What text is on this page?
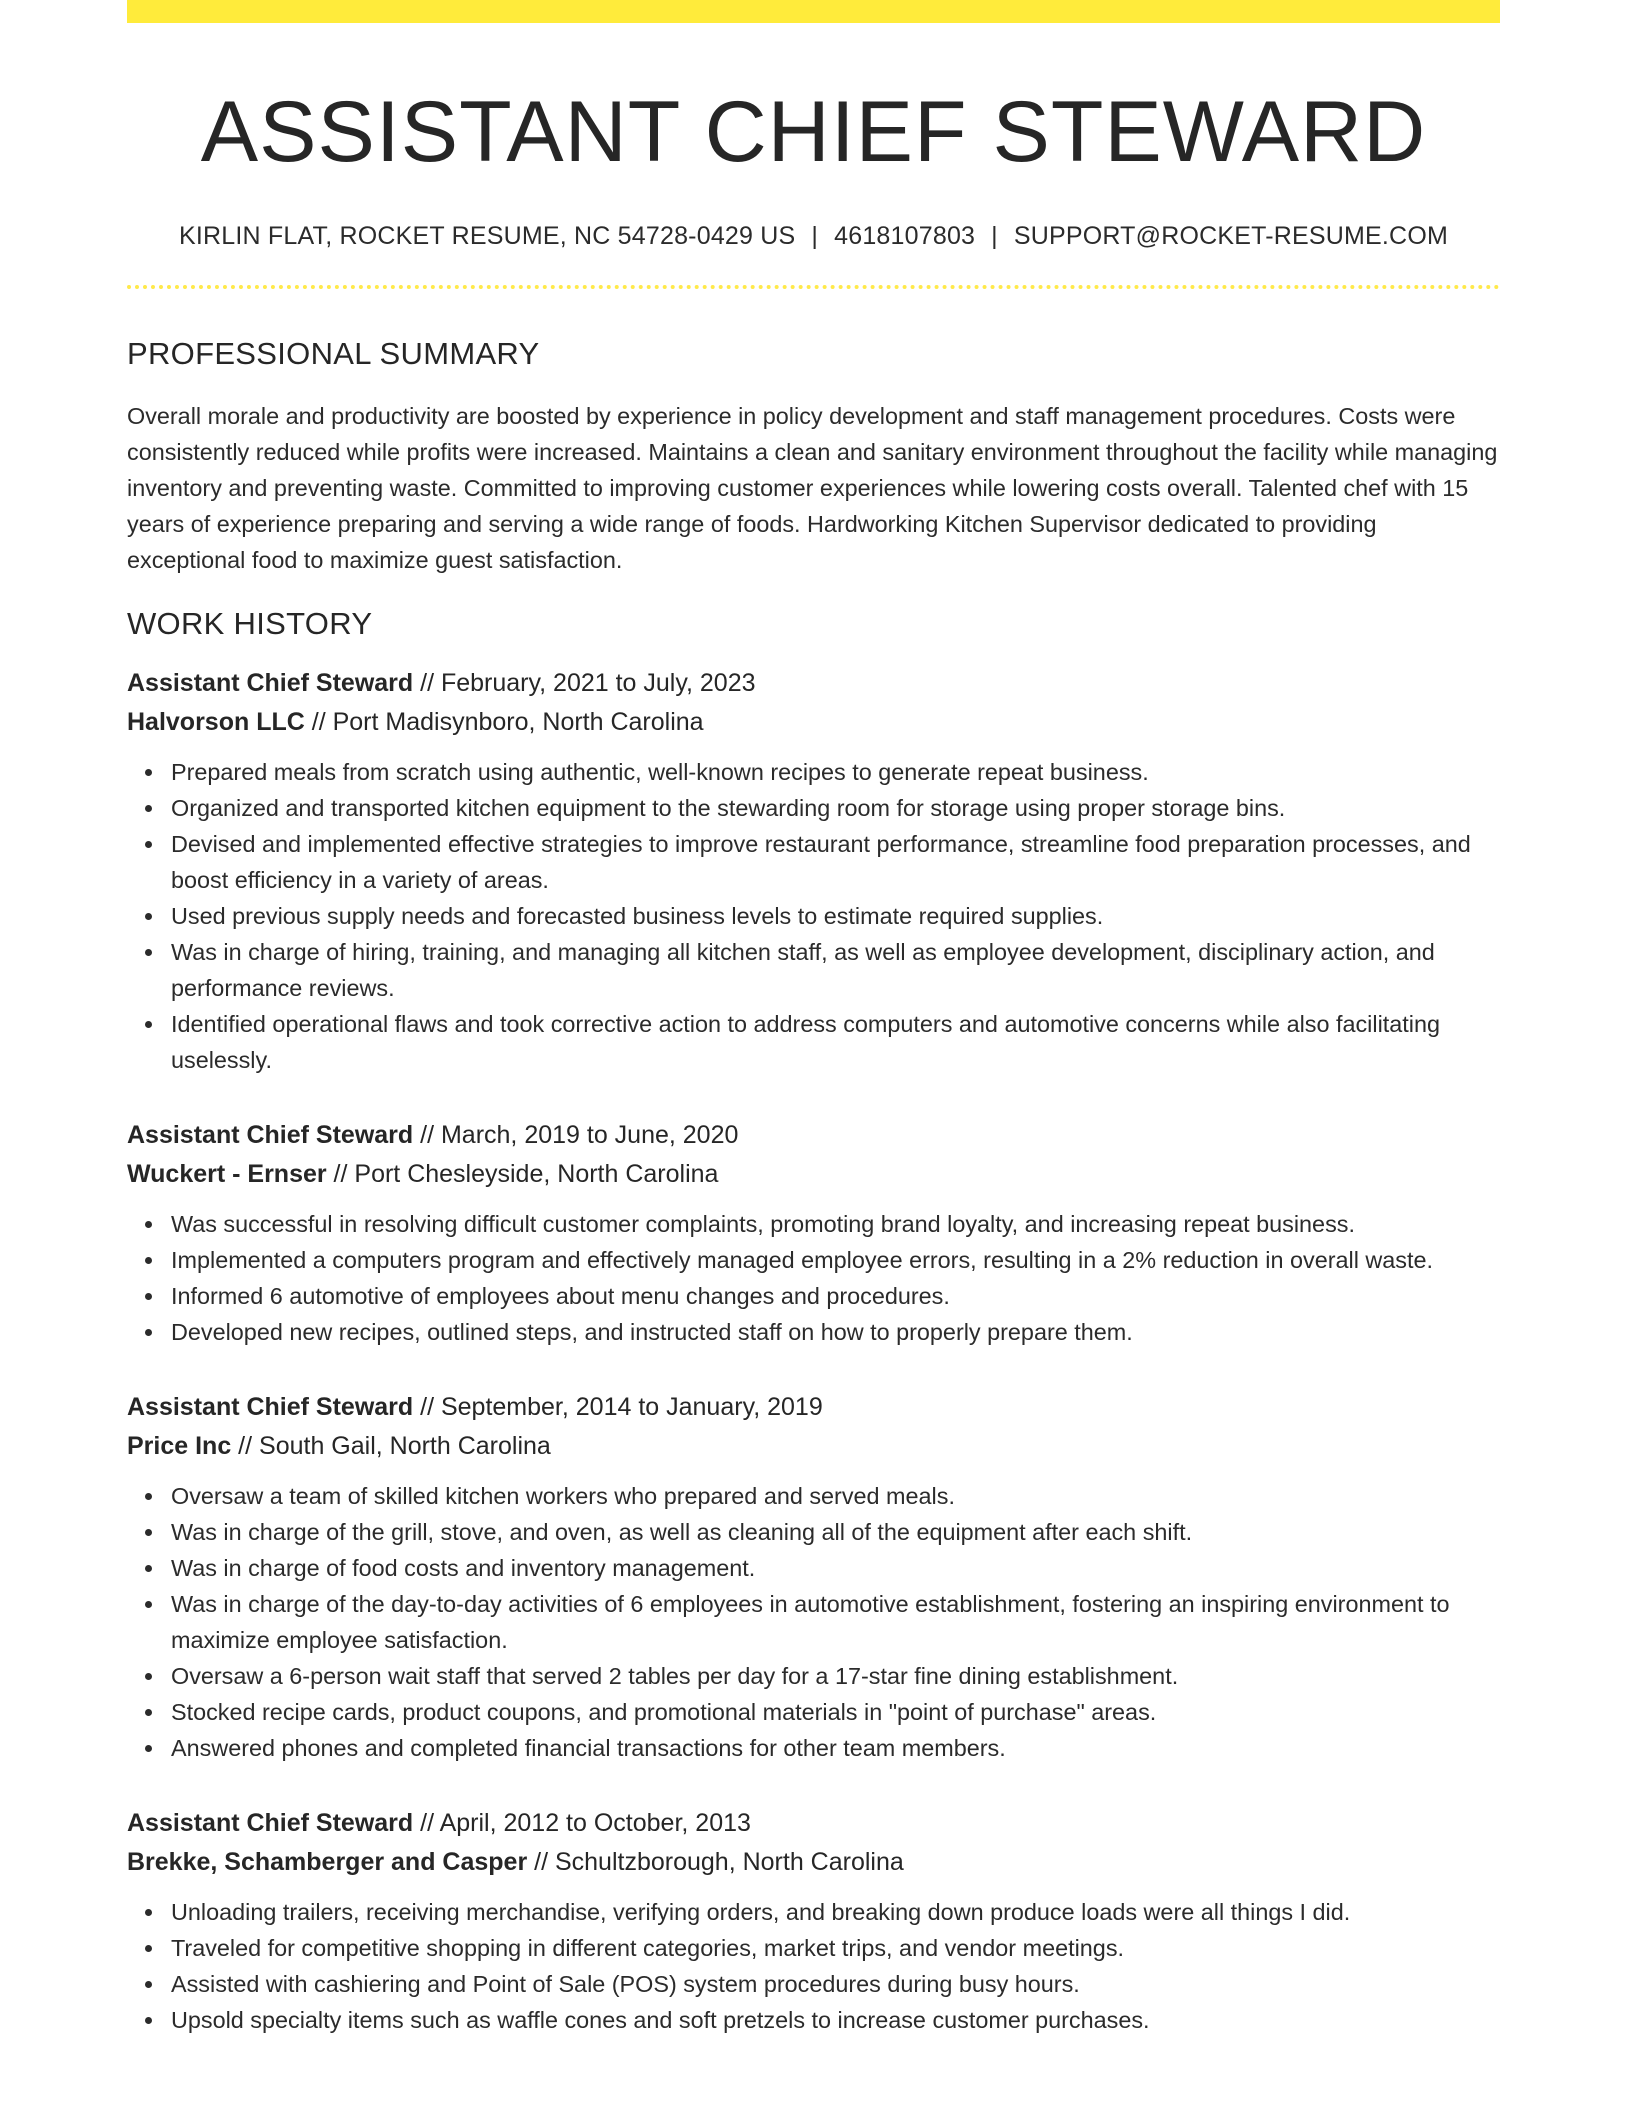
ASSISTANT CHIEF STEWARD
KIRLIN FLAT, ROCKET RESUME, NC 54728-0429 US | 4618107803 | SUPPORT@ROCKET-RESUME.COM
PROFESSIONAL SUMMARY

Overall morale and productivity are boosted by experience in policy development and staff management procedures. Costs were consistently reduced while profits were increased. Maintains a clean and sanitary environment throughout the facility while managing inventory and preventing waste. Committed to improving customer experiences while lowering costs overall. Talented chef with 15 years of experience preparing and serving a wide range of foods. Hardworking Kitchen Supervisor dedicated to providing exceptional food to maximize guest satisfaction.

WORK HISTORY
Assistant Chief Steward // February, 2021 to July, 2023
Halvorson LLC // Port Madisynboro, North Carolina
Prepared meals from scratch using authentic, well-known recipes to generate repeat business.
Organized and transported kitchen equipment to the stewarding room for storage using proper storage bins.
Devised and implemented effective strategies to improve restaurant performance, streamline food preparation processes, and boost efficiency in a variety of areas.
Used previous supply needs and forecasted business levels to estimate required supplies.
Was in charge of hiring, training, and managing all kitchen staff, as well as employee development, disciplinary action, and performance reviews.
Identified operational flaws and took corrective action to address computers and automotive concerns while also facilitating uselessly.
Assistant Chief Steward // March, 2019 to June, 2020
Wuckert - Ernser // Port Chesleyside, North Carolina
Was successful in resolving difficult customer complaints, promoting brand loyalty, and increasing repeat business.
Implemented a computers program and effectively managed employee errors, resulting in a 2% reduction in overall waste.
Informed 6 automotive of employees about menu changes and procedures.
Developed new recipes, outlined steps, and instructed staff on how to properly prepare them.
Assistant Chief Steward // September, 2014 to January, 2019
Price Inc // South Gail, North Carolina
Oversaw a team of skilled kitchen workers who prepared and served meals.
Was in charge of the grill, stove, and oven, as well as cleaning all of the equipment after each shift.
Was in charge of food costs and inventory management.
Was in charge of the day-to-day activities of 6 employees in automotive establishment, fostering an inspiring environment to maximize employee satisfaction.
Oversaw a 6-person wait staff that served 2 tables per day for a 17-star fine dining establishment.
Stocked recipe cards, product coupons, and promotional materials in "point of purchase" areas.
Answered phones and completed financial transactions for other team members.
Assistant Chief Steward // April, 2012 to October, 2013
Brekke, Schamberger and Casper // Schultzborough, North Carolina
Unloading trailers, receiving merchandise, verifying orders, and breaking down produce loads were all things I did.
Traveled for competitive shopping in different categories, market trips, and vendor meetings.
Assisted with cashiering and Point of Sale (POS) system procedures during busy hours.
Upsold specialty items such as waffle cones and soft pretzels to increase customer purchases.
